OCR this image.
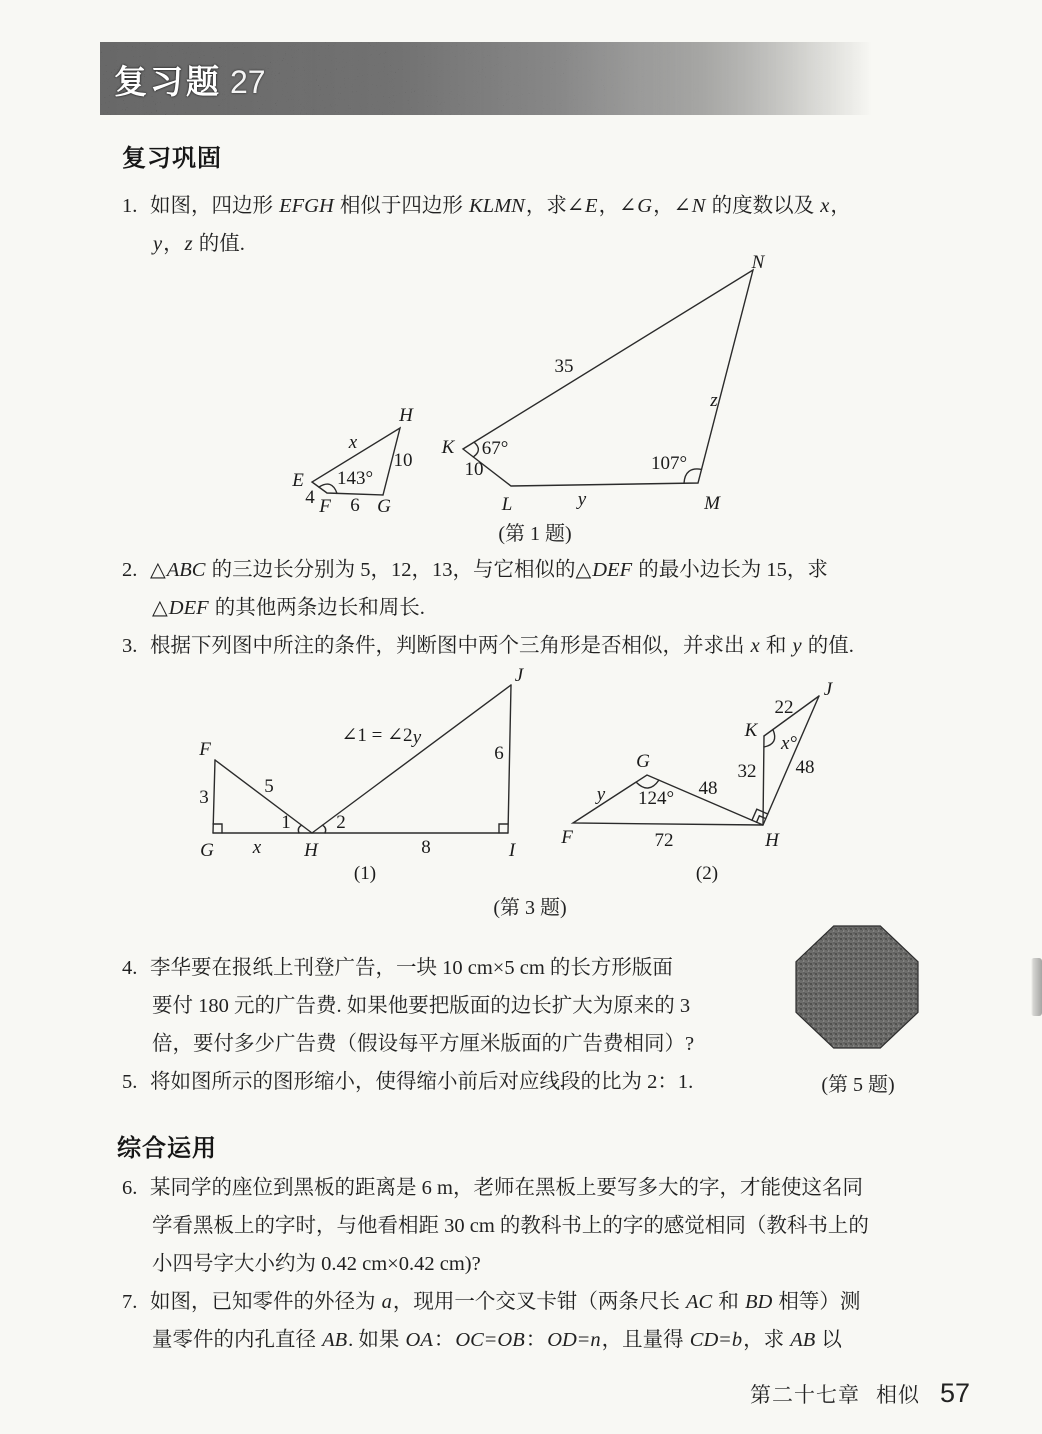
复习题 27
复习巩固
1. 如图，四边形 EFGH 相似于四边形 KLMN，求∠E，∠G，∠N 的度数以及 x，
y，z 的值.
E
F G
H
x
10
143°
4 6
K
L	M
N
35
z
67°
10
y
107°
(第 1 题)
2. △ABC 的三边长分别为 5，12，13，与它相似的△DEF 的最小边长为 15，求
△DEF 的其他两条边长和周长.
3. 根据下列图中所注的条件，判断图中两个三角形是否相似，并求出 x 和 y 的值.
F
G	H	I
J
∠1 = ∠2 y
5
3
6
1 2
x	8
(1)
F
G
H
K
J
22
x°
32 48
y 124° 48
72
(2)
(第 3 题)
4. 李华要在报纸上刊登广告，一块 10 cm×5 cm 的长方形版面
要付 180 元的广告费. 如果他要把版面的边长扩大为原来的 3
倍，要付多少广告费（假设每平方厘米版面的广告费相同）?
5. 将如图所示的图形缩小，使得缩小前后对应线段的比为 2：1.	(第 5 题)
综合运用
6. 某同学的座位到黑板的距离是 6 m，老师在黑板上要写多大的字，才能使这名同
学看黑板上的字时，与他看相距 30 cm 的教科书上的字的感觉相同（教科书上的
小四号字大小约为 0.42 cm×0.42 cm)?
7. 如图，已知零件的外径为 a，现用一个交叉卡钳（两条尺长 AC 和 BD 相等）测
量零件的内孔直径 AB. 如果 OA：OC=OB：OD=n，且量得 CD=b，求 AB 以
第二十七章 相似 57
